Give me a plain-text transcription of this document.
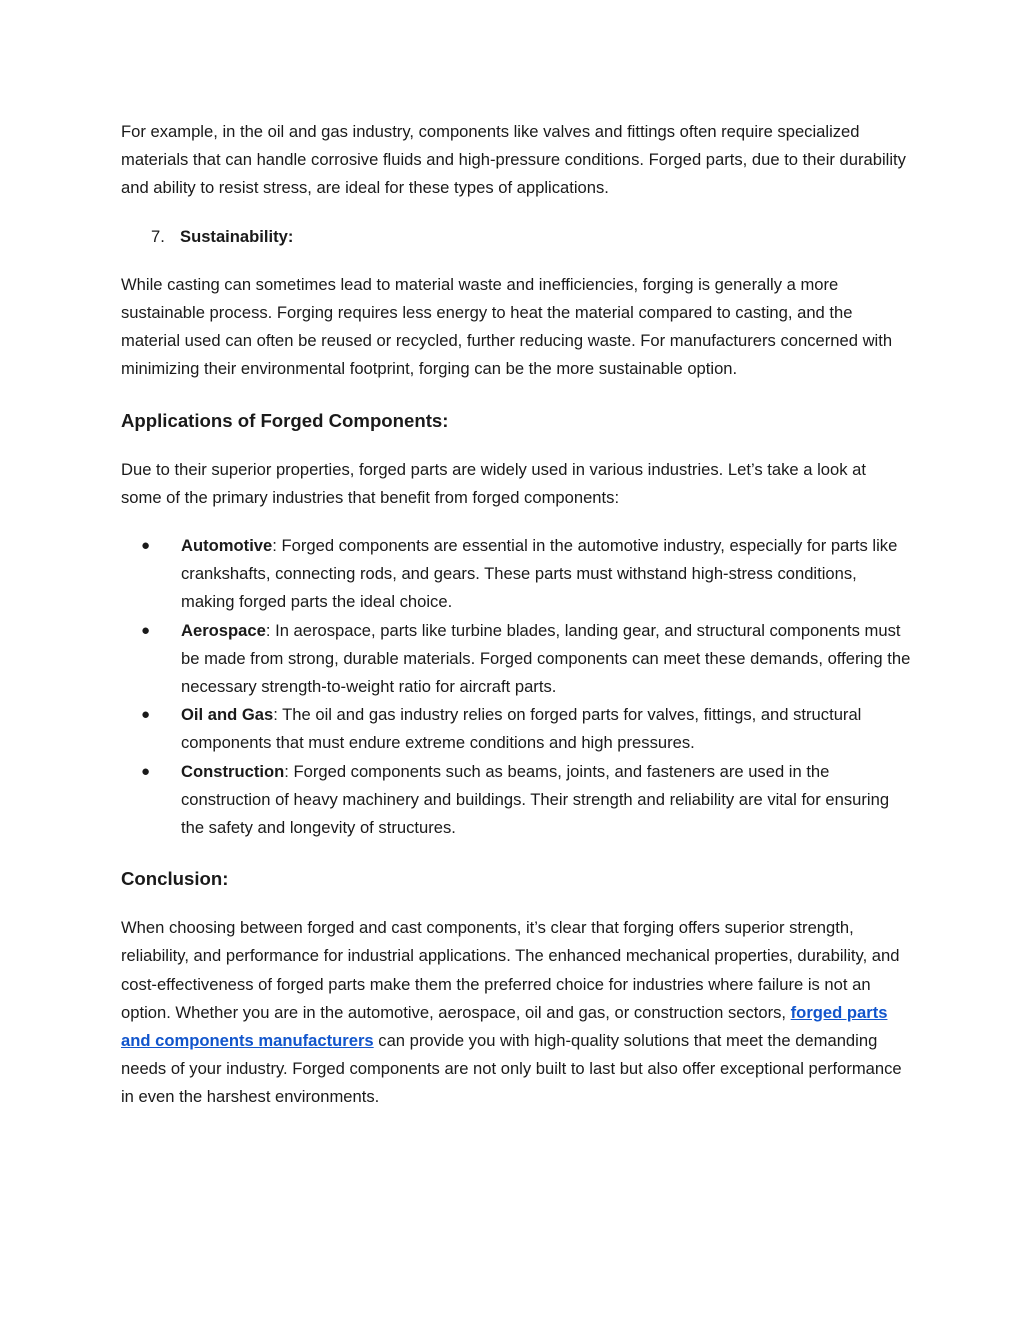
For example, in the oil and gas industry, components like valves and fittings often require specialized materials that can handle corrosive fluids and high-pressure conditions. Forged parts, due to their durability and ability to resist stress, are ideal for these types of applications.

7. Sustainability:

While casting can sometimes lead to material waste and inefficiencies, forging is generally a more sustainable process. Forging requires less energy to heat the material compared to casting, and the material used can often be reused or recycled, further reducing waste. For manufacturers concerned with minimizing their environmental footprint, forging can be the more sustainable option.

Applications of Forged Components:

Due to their superior properties, forged parts are widely used in various industries. Let’s take a look at some of the primary industries that benefit from forged components:

●	Automotive: Forged components are essential in the automotive industry, especially for parts like crankshafts, connecting rods, and gears. These parts must withstand high-stress conditions, making forged parts the ideal choice.
●	Aerospace: In aerospace, parts like turbine blades, landing gear, and structural components must be made from strong, durable materials. Forged components can meet these demands, offering the necessary strength-to-weight ratio for aircraft parts.
●	Oil and Gas: The oil and gas industry relies on forged parts for valves, fittings, and structural components that must endure extreme conditions and high pressures.
●	Construction: Forged components such as beams, joints, and fasteners are used in the construction of heavy machinery and buildings. Their strength and reliability are vital for ensuring the safety and longevity of structures.
Conclusion:

When choosing between forged and cast components, it’s clear that forging offers superior strength, reliability, and performance for industrial applications. The enhanced mechanical properties, durability, and cost-effectiveness of forged parts make them the preferred choice for industries where failure is not an option. Whether you are in the automotive, aerospace, oil and gas, or construction sectors, forged parts and components manufacturers can provide you with high-quality solutions that meet the demanding needs of your industry. Forged components are not only built to last but also offer exceptional performance in even the harshest environments.
